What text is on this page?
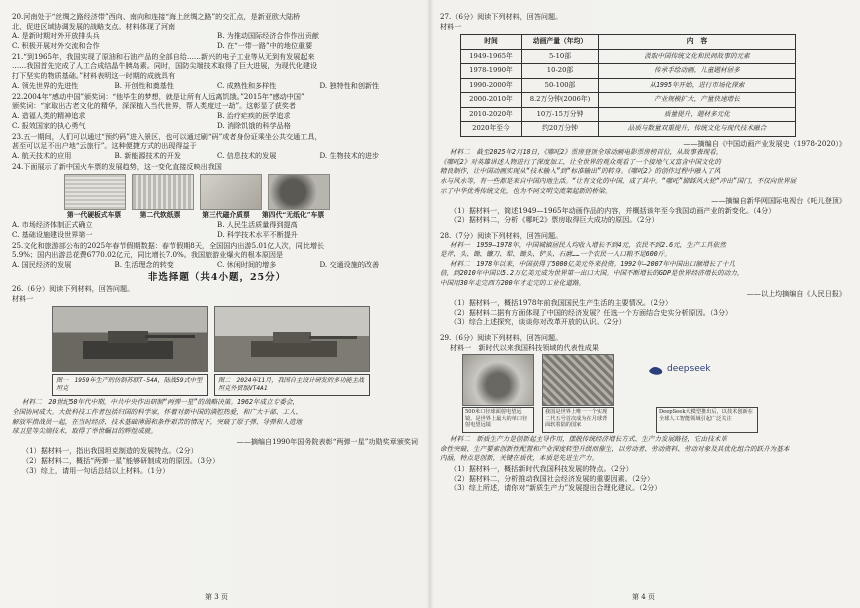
20.河南处于“丝绸之路经济带”西向、南向和连接“海上丝绸之路”的交汇点，是新亚欧大陆桥

北、促进区域协调发展的战略支点。材料体现了河南

A. 是新时期对外开放排头兵	B. 为推动国际经济合作作出贡献
C. 积极开展对外交流和合作	D. 在“一带一路”中的地位重要

21.“到1965年，我国实现了原油和石油产品的全部自给……新兴的电子工业等从无到有发展起来

……我国首先完成了人工合成结晶牛胰岛素。同时，国防尖端技术取得了巨大进展，为现代化建设

打下坚实的物质基础。”材料表明这一时期的成就具有

A. 领先世界的先进性	B. 开创性和奠基性	C. 成熟性和多样性	D. 独特性和创新性

22.2004年“感动中国”颁奖词：“他毕生的梦想，就是让所有人远离饥饿。”2015年“感动中国”

颁奖词：“家取出古老文化的精华，深深植入当代世界，帮人类度过一劫”。这彰显了获奖者

A. 造福人类的精神追求	B. 治疗疟疾的医学追求
C. 报效国家的执心勇气	D. 消除饥饿的科学品格

23.五一期间，人们可以通过“预约码”进入景区，也可以通过刷“码”或者身份证乘坐公共交通工具，

甚至可以足不出户地“云旅行”。这种便捷方式的出现得益于

A. 航天技术的应用	B. 新能源技术的开发	C. 信息技术的发展	D. 生物技术的进步

24.下面展示了新中国火车票的发展趋势，这一变化直接反映出我国

第一代硬板式车票	第二代软纸票	第三代磁介质票	第四代“无纸化”车票
A. 市场经济体制正式确立	B. 人民生活质量得到提高
C. 基础设施建设世界第一	D. 科学技术水平不断提升

25.文化和旅游部公布的2025年春节假期数据：春节假期8天，全国国内出游5.01亿人次，同比增长

5.9%；国内出游总花费6770.02亿元，同比增长7.0%。我国旅游业爆火的根本原因是

A. 国民经济的发展	B. 生活理念的转变	C. 休闲时间的增多	D. 交通设施的改善
非选择题（共4小题，25分）

26.（6分）阅读下列材料，回答问题。

材料一

图一　1959年生产的仿制苏联T-54A，陆战59式中型坦克
图二　2024年11月，我国自主设计研发的多功能主战坦克外贸版VT4A1

材料二　20世纪50年代中期，中共中央作出研制“两弹一星”的战略决策。1962年成立专委会，

全国协同成大。大批科技工作者包括归国的科学家，怀着对新中国的满腔热爱，和广大干部、工人、

解放军指战员一起，在当时经济、技术基础薄弱和条件艰苦的情况下，突破了原子弹、导弹和人造地

球卫星等尖端技术，取得了举世瞩目的辉煌成就。

——摘编自1990年国务院表彰“两弹一星”功勋奖章颁奖词

（1）据材料一，指出我国坦克制造的发展特点。（2分）

（2）据材料二，概括“两弹一星”能够研制成功的原因。（3分）

（3）综上，请用一句话总结以上材料。（1分）

第 3 页

27.（6分）阅读下列材料，回答问题。

材料一

时间	动画产量（年均）	内　容
1949-1965年	5-10部	汲取中国传统文化和民间故事的元素
1978-1990年	10-20部	传承手绘动画，儿童题材居多
1990-2000年	50-100部	从1995年开始，进行市场化探索
2000-2010年	8.2万分钟(2006年)	产业规模扩大，产量快速增长
2010-2020年	10万-15万分钟	质量提升，题材多元化
2020年至今	约20万分钟	品质与数量双重提升，传统文化与现代技术融合

——摘编自《中国动画产业发展史（1978-2020）》

材料二　截至2025年2月18日，《哪吒2》票房登顶全球动画电影票房榜首位，从故事表现看，

《哪吒2》对英雄讲述人物进行了深度加工，让全世界的观众观看了一个接地气又富含中国文化的

精良制作，让中国动画实现从“技术输入”到“标准输出”的转身。《哪吒2》的创作过程中融入了风

水与风水等，有一些都是来自中国内地生活。“让有文化的中国，成了其中。“哪吒”脚踩风火轮“冲出”国门，不仅向世界展

示了中华优秀传统文化，也为不同文明交流架起新的桥梁。

——摘编自新华网国际电视台《吒儿登顶》

（1）据材料一，简述1949—1965年动画作品的内容，并概括该年至今我国动画产业的新变化。（4分）

（2）据材料二，分析《哪吒2》票房取得巨大成功的原因。（2分）

28.（7分）阅读下列材料，回答问题。

材料一　1959—1978年，中国城镇居民人均收入增长不到4元，农民不到2.6元，生产工具依然

是斧、头、锄、镰刀、犁、锄头、铲头、石磨……一个农民一人口粮不足600斤。

材料二　1978年以来，中国获得了5000亿美元外来投资。1992年—2007年中国出口额增长了十几

倍，到2010年中国以5.2万亿美元成为世界第一出口大国。中国不断增长的GDP是世界经济增长的动力，

中国用30年走完西方200年才走完的工业化道路。

——以上均摘编自《人民日报》

（1）据材料一，概括1978年前我国国民生产生活的主要情况。（2分）

（2）据材料二据有方面体现了中国的经济发展？任选一个方面结合史实分析原因。（3分）

（3）综合上述探究，谈谈你对改革开放的认识。（2分）

29.（6分）阅读下列材料，回答问题。

材料一　新时代以来我国科技领域的代表性成果

deepseek
500米口径球面射电望远镜，是世界上最大的单口径射电望远镜
我国是世界上唯一一个实现二代五号首次成为在月球背面软着陆的国家
DeepSeek大模型推出后，以技术创新在全球人工智能领域引起广泛关注

材料二　新质生产力是创新起主导作用，摆脱传统经济增长方式、生产力发展路径，它由技术革

命性突破、生产要素创新性配置和产业深度转型升级而催生，以劳动者、劳动资料、劳动对象及其优化组合的跃升为基本

内涵，特点是创新，关键在质优，本质是先进生产力。

（1）据材料一，概括新时代我国科技发展的特点。（2分）

（2）据材料二，分析推动我国社会经济发展的重要因素。（2分）

（3）综上所述，请你对“新质生产力”发展提出合理化建议。（2分）

第 4 页
